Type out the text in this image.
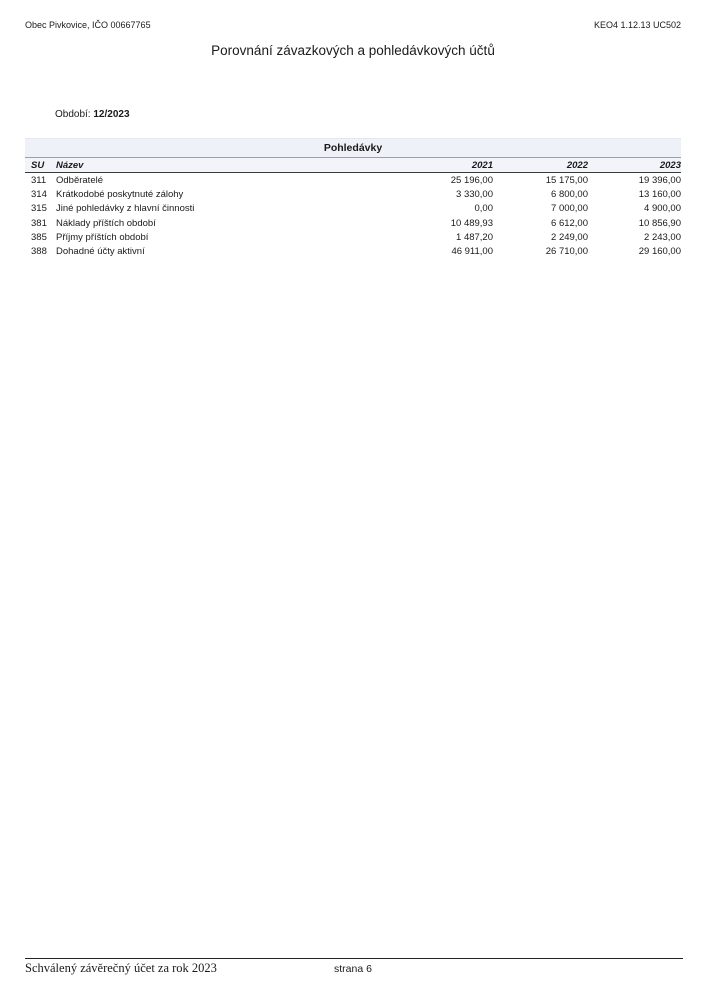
Obec Pivkovice, IČO 00667765	KEO4 1.12.13 UC502
Porovnání závazkových a pohledávkových účtů
Období: 12/2023
Pohledávky
SU	Název	2021	2022	2023
311	Odběratelé	25 196,00	15 175,00	19 396,00
314 Krátkodobé poskytnuté zálohy	3 330,00	6 800,00	13 160,00
315 Jiné pohledávky z hlavní činnosti	0,00	7 000,00	4 900,00
381 Náklady příštích období	10 489,93	6 612,00	10 856,90
385 Příjmy příštích období	1 487,20	2 249,00	2 243,00
388 Dohadné účty aktivní	46 911,00	26 710,00	29 160,00
Schválený závěrečný účet za rok 2023	strana 6
